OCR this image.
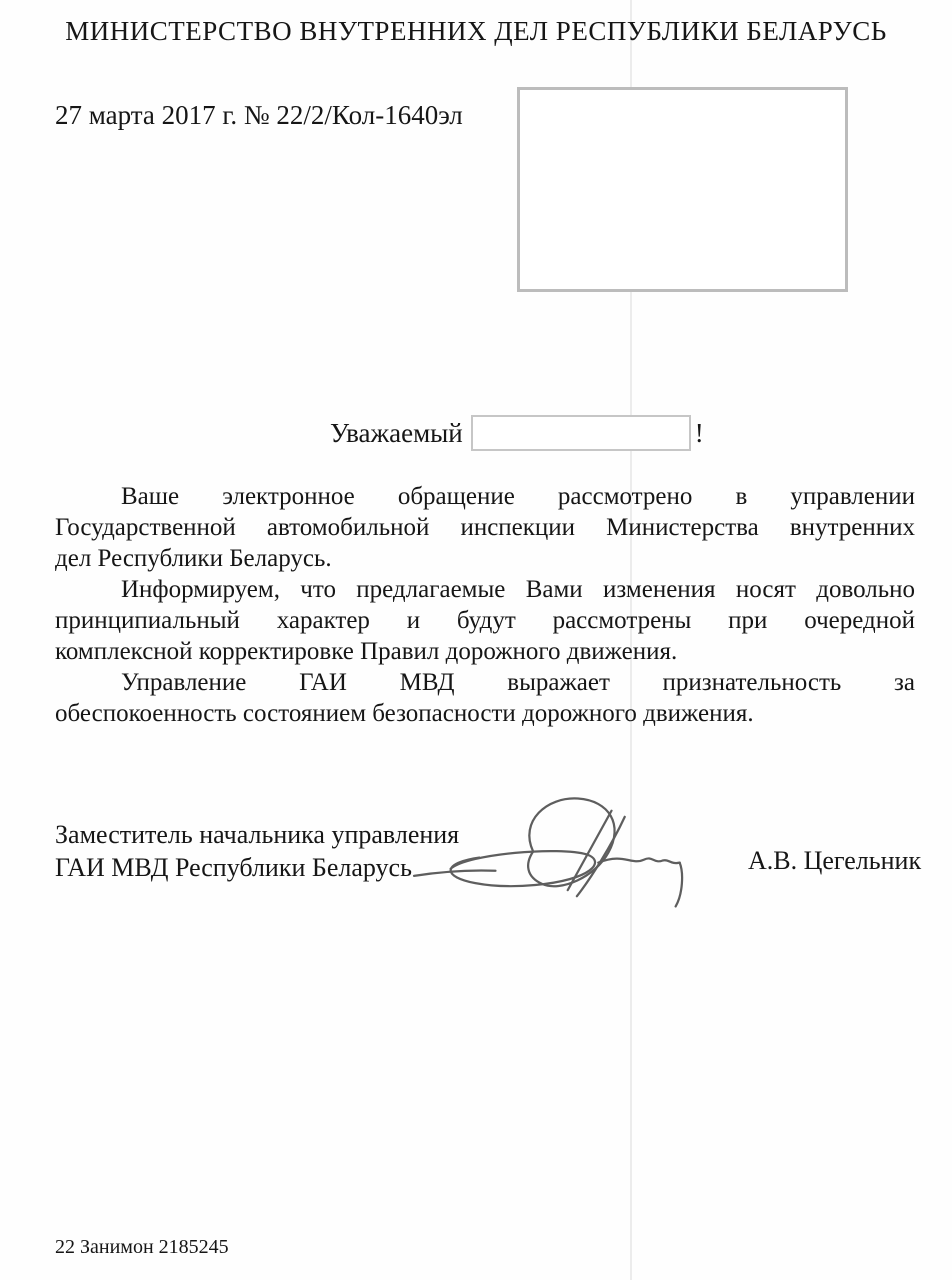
МИНИСТЕРСТВО ВНУТРЕННИХ ДЕЛ РЕСПУБЛИКИ БЕЛАРУСЬ
27 марта 2017 г. № 22/2/Кол-1640эл
Уважаемый	!
Ваше электронное обращение рассмотрено в управлении
Государственной автомобильной инспекции Министерства внутренних
дел Республики Беларусь.
Информируем, что предлагаемые Вами изменения носят довольно
принципиальный характер и будут рассмотрены при очередной
комплексной корректировке Правил дорожного движения.
Управление ГАИ МВД выражает признательность за
обеспокоенность состоянием безопасности дорожного движения.
Заместитель начальника управления
ГАИ МВД Республики Беларусь	А.В. Цегельник
22 Занимон 2185245
